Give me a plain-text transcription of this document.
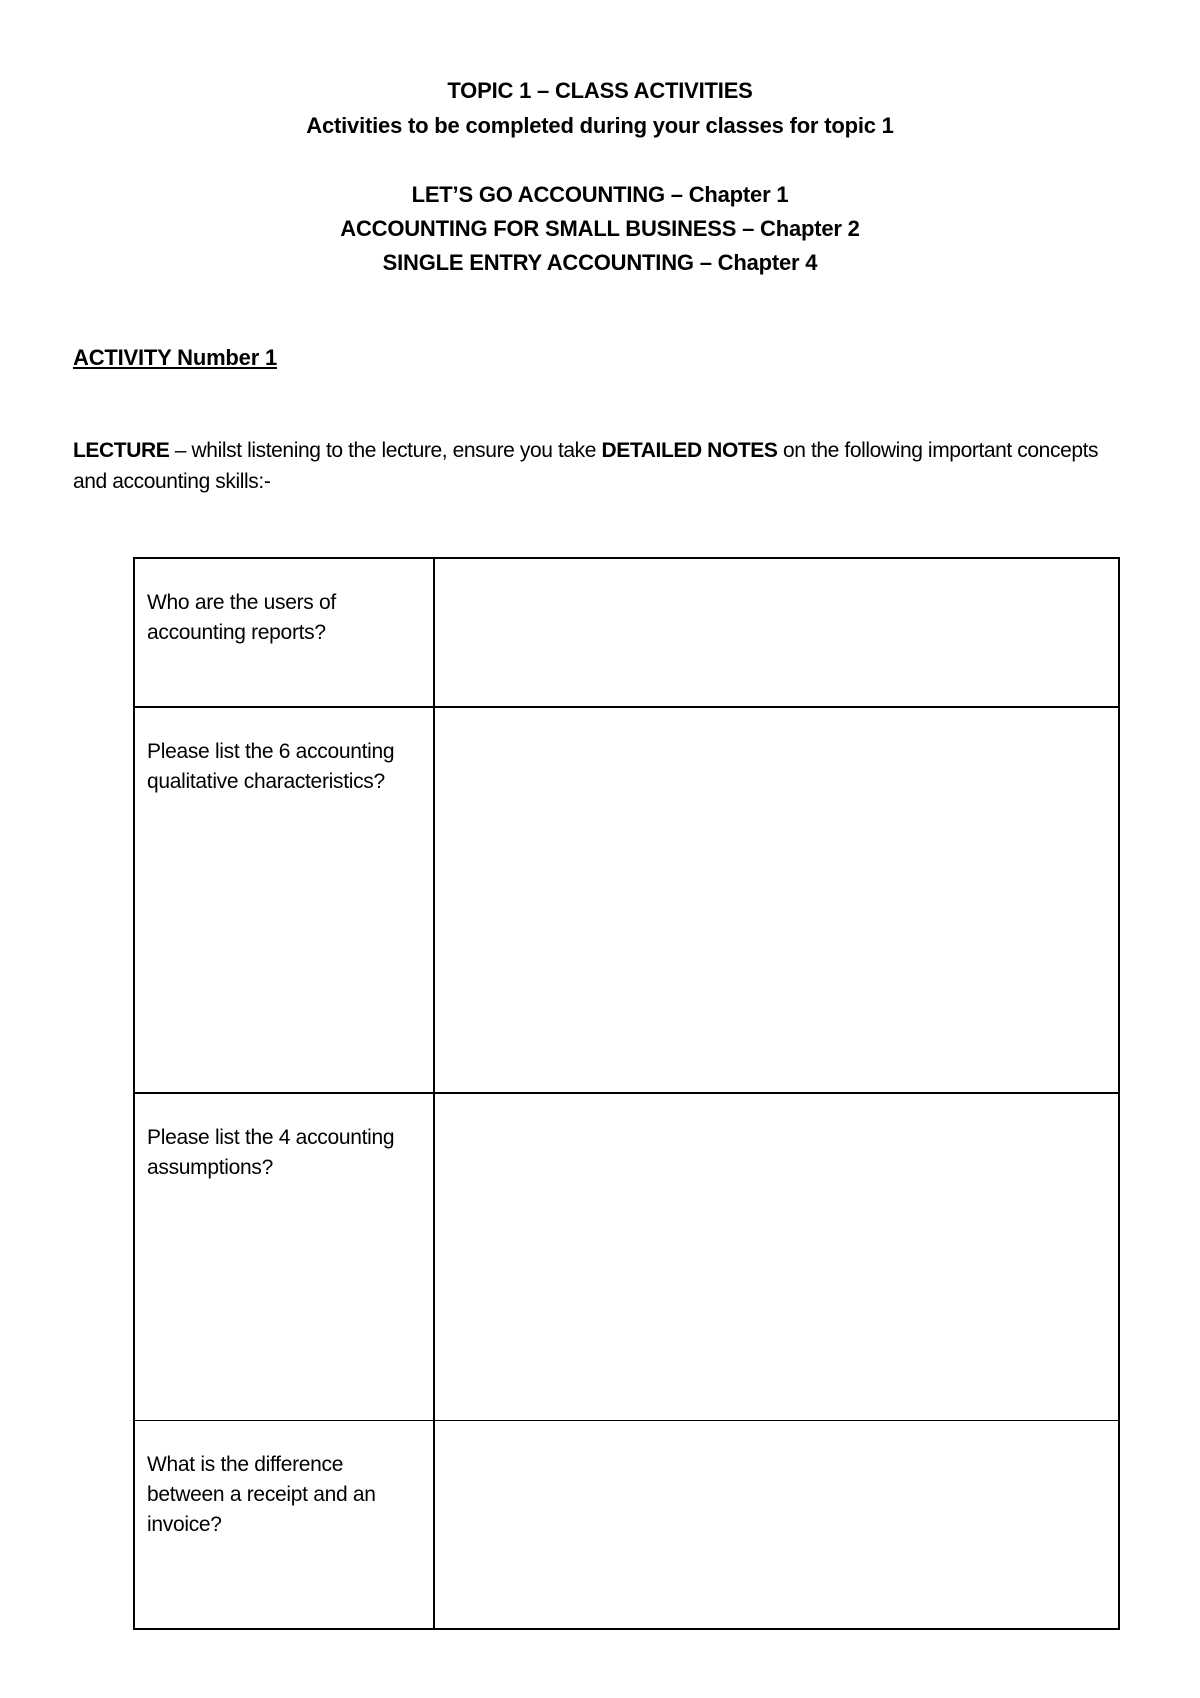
TOPIC 1 – CLASS ACTIVITIES
Activities to be completed during your classes for topic 1
LET’S GO ACCOUNTING – Chapter 1
ACCOUNTING FOR SMALL BUSINESS – Chapter 2
SINGLE ENTRY ACCOUNTING – Chapter 4
ACTIVITY Number 1
LECTURE – whilst listening to the lecture, ensure you take DETAILED NOTES on the following important concepts and accounting skills:-
Who are the users of accounting reports?
Please list the 6 accounting qualitative characteristics?
Please list the 4 accounting assumptions?
What is the difference between a receipt and an invoice?
